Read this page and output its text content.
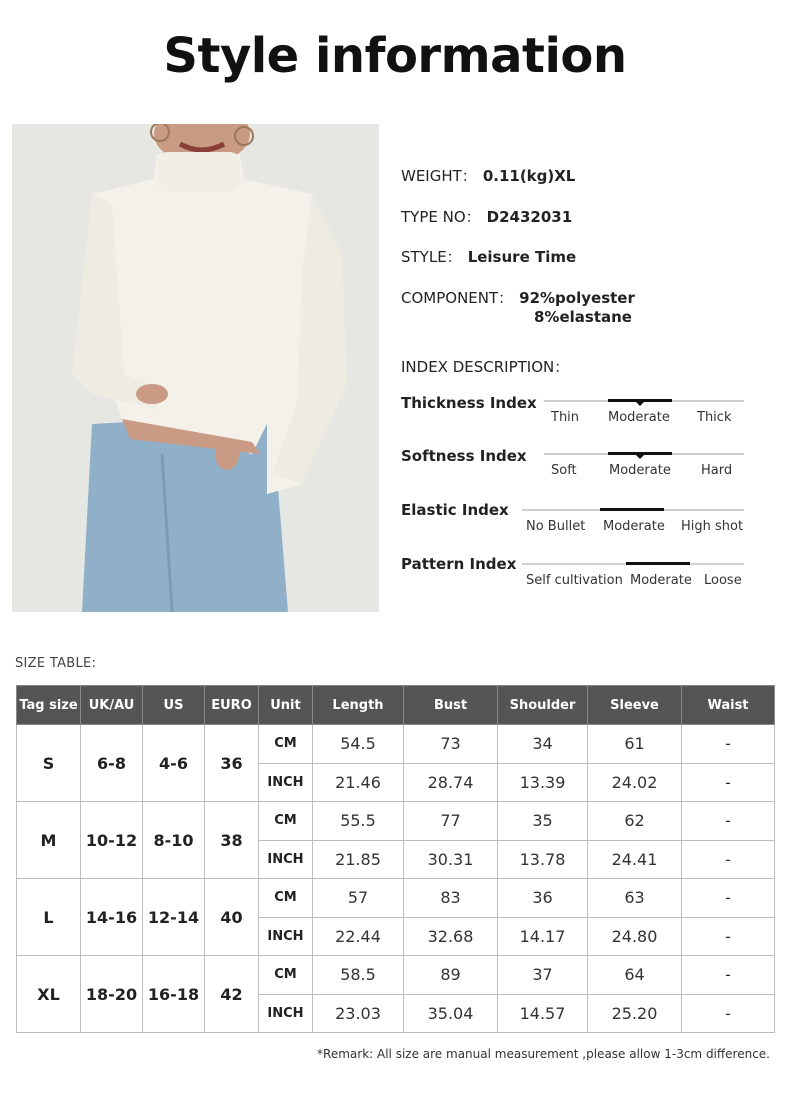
Style information
WEIGHT： 0.11(kg)XL
TYPE NO： D2432031
STYLE： Leisure Time
COMPONENT： 92%polyester
8%elastane
INDEX DESCRIPTION：
Thickness Index
Thin Moderate Thick
Softness Index
Soft Moderate Hard
Elastic Index
No Bullet Moderate High shot
Pattern Index
Self cultivation Moderate Loose
SIZE TABLE:
Tag size	UK/AU	US	EURO	Unit	Length	Bust	Shoulder	Sleeve	Waist
S	6-8	4-6	36	CM	54.5	73	34	61	-
				INCH	21.46	28.74	13.39	24.02	-
M	10-12	8-10	38	CM	55.5	77	35	62	-
				INCH	21.85	30.31	13.78	24.41	-
L	14-16	12-14	40	CM	57	83	36	63	-
				INCH	22.44	32.68	14.17	24.80	-
XL	18-20	16-18	42	CM	58.5	89	37	64	-
				INCH	23.03	35.04	14.57	25.20	-
*Remark: All size are manual measurement ,please allow 1-3cm difference.
